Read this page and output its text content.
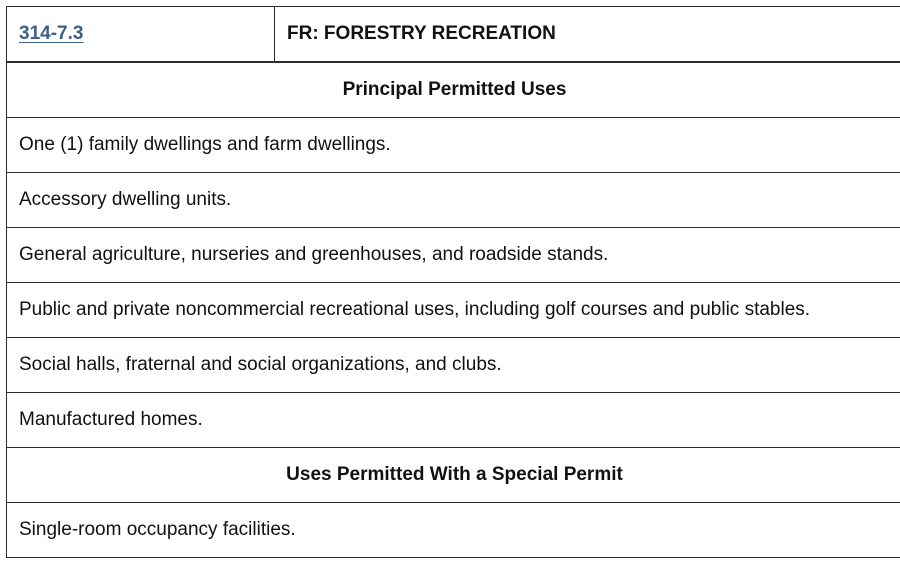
314-7.3	FR: FORESTRY RECREATION
Principal Permitted Uses
One (1) family dwellings and farm dwellings.
Accessory dwelling units.
General agriculture, nurseries and greenhouses, and roadside stands.
Public and private noncommercial recreational uses, including golf courses and public stables.
Social halls, fraternal and social organizations, and clubs.
Manufactured homes.
Uses Permitted With a Special Permit
Single-room occupancy facilities.
